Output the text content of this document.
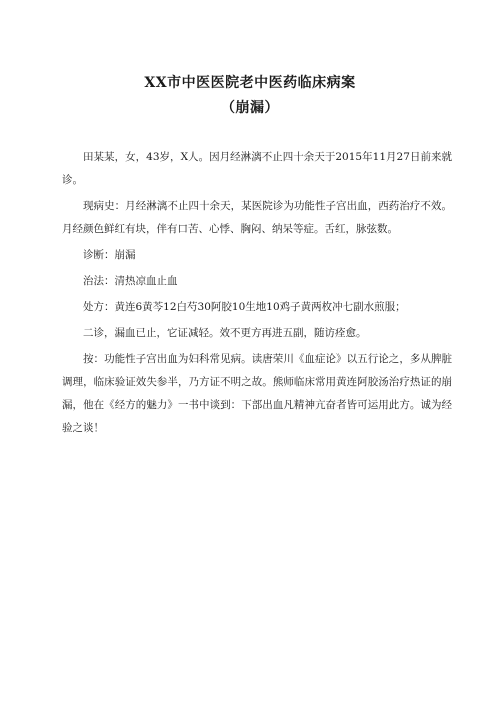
XX市中医医院老中医药临床病案
（崩漏）

田某某，女，43岁，X人。因月经淋漓不止四十余天于2015年11月27日前来就诊。

现病史：月经淋漓不止四十余天，某医院诊为功能性子宫出血，西药治疗不效。月经颜色鲜红有块，伴有口苦、心悸、胸闷、纳呆等症。舌红，脉弦数。

诊断：崩漏

治法：清热凉血止血

处方：黄连6黄芩12白芍30阿胶10生地10鸡子黄两枚冲七副水煎服；

二诊，漏血已止，它证减轻。效不更方再进五副，随访痊愈。

按：功能性子宫出血为妇科常见病。读唐荣川《血症论》以五行论之，多从脾脏调理，临床验证效失参半，乃方证不明之故。熊师临床常用黄连阿胶汤治疗热证的崩漏，他在《经方的魅力》一书中谈到：下部出血凡精神亢奋者皆可运用此方。诚为经验之谈！
